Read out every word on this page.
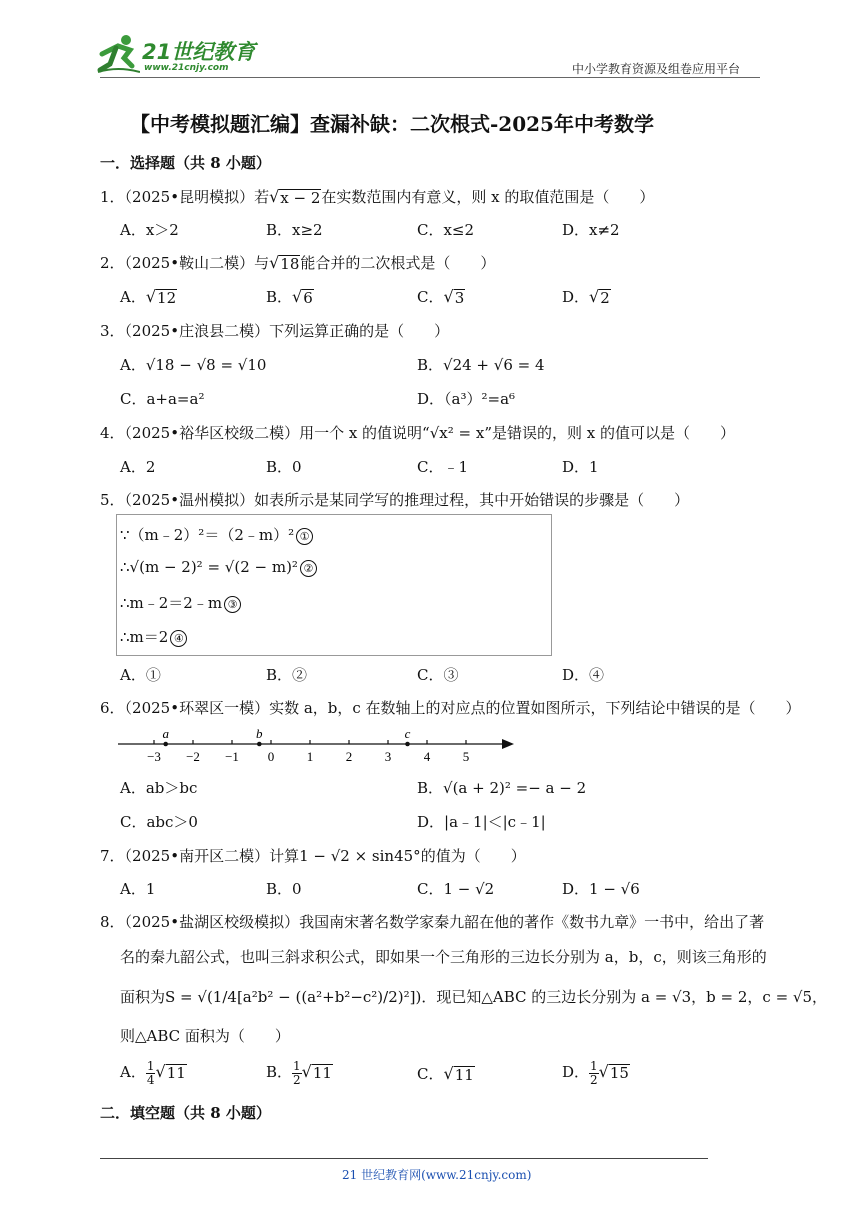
21世纪教育
www.21cnjy.com	中小学教育资源及组卷应用平台
【中考模拟题汇编】查漏补缺：二次根式-2025年中考数学
一．选择题（共 8 小题）
1．（2025•昆明模拟）若 √ x − 2 在实数范围内有意义，则 x 的取值范围是（　　）
A．x＞2	B．x≥2	C．x≤2	D．x≠2
2．（2025•鞍山二模）与 √ 18 能合并的二次根式是（　　）
A． √ 12	B． √ 6	C． √ 3	D． √ 2
3．（2025•庄浪县二模）下列运算正确的是（　　）
A．√18 − √8 = √10	B．√24 + √6 = 4
C．a+a=a²	D．（a³）²=a⁶
4．（2025•裕华区校级二模）用一个 x 的值说明“√x² = x”是错误的，则 x 的值可以是（　　）
A．2	B．0	C．﹣1	D．1
5．（2025•温州模拟）如表所示是某同学写的推理过程，其中开始错误的步骤是（　　）
∵（m﹣2）²＝（2﹣m）² ①
∴√(m − 2)² = √(2 − m)² ②
∴m﹣2＝2﹣m ③
∴m＝2 ④
A．①	B．②	C．③	D．④
6．（2025•环翠区一模）实数 a，b，c 在数轴上的对应点的位置如图所示，下列结论中错误的是（　　）
−3 −2 −1 0	1	2	3	4	5
a	b	c
A．ab＞bc	B．√(a + 2)² =− a − 2
C．abc＞0	D．|a﹣1|＜|c﹣1|
7．（2025•南开区二模）计算1 − √2 × sin45°的值为（　　）
A．1	B．0	C．1 − √2	D．1 − √6
8．（2025•盐湖区校级模拟）我国南宋著名数学家秦九韶在他的著作《数书九章》一书中，给出了著
名的秦九韶公式，也叫三斜求积公式，即如果一个三角形的三边长分别为 a，b，c，则该三角形的
面积为S = √(1/4[a²b² − ((a²+b²−c²)/2)²])．现已知△ABC 的三边长分别为 a = √3，b = 2，c = √5，
则△ABC 面积为（　　）
A． $\frac{1}{4}$ √ 11	B． $\frac{1}{2}$ √ 11	C． √ 11	D． $\frac{1}{2}$ √ 15
二．填空题（共 8 小题）
21 世纪教育网(www.21cnjy.com)
